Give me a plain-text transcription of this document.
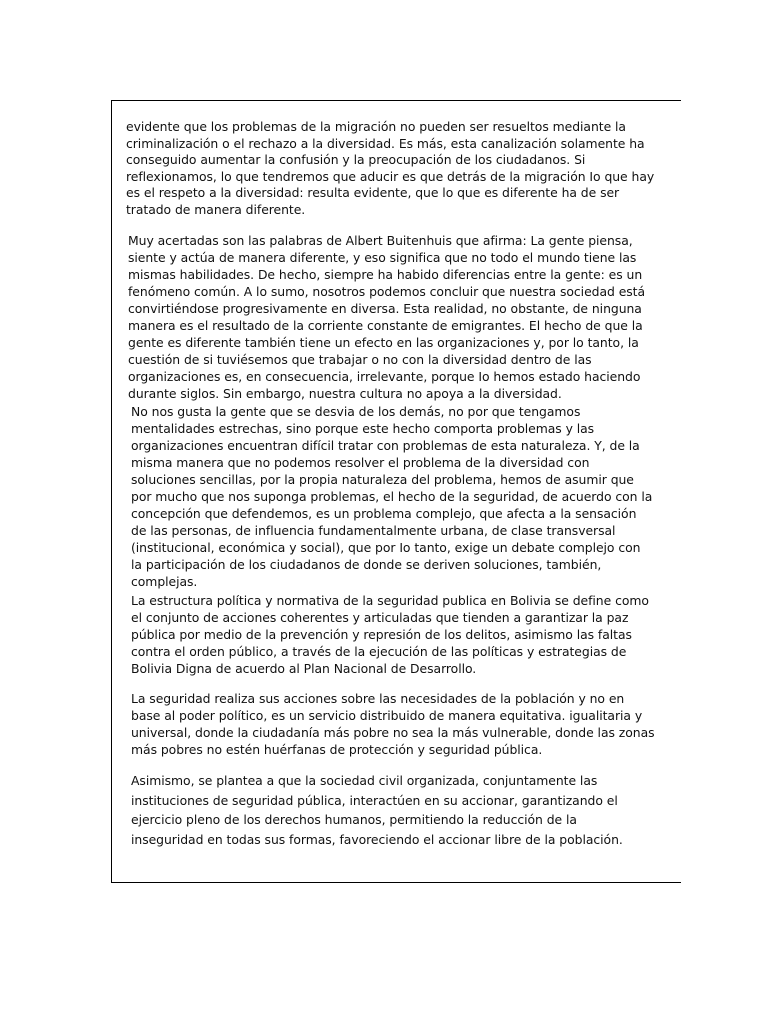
evidente que los problemas de la migración no pueden ser resueltos mediante la criminalización o el rechazo a la diversidad. Es más, esta canalización solamente ha conseguido aumentar la confusión y la preocupación de los ciudadanos. Si reflexionamos, lo que tendremos que aducir es que detrás de la migración Io que hay es el respeto a la diversidad: resulta evidente, que lo que es diferente ha de ser tratado de manera diferente.

Muy acertadas son las palabras de Albert Buitenhuis que afirma: La gente piensa, siente y actúa de manera diferente, y eso significa que no todo el mundo tiene las mismas habilidades. De hecho, siempre ha habido diferencias entre la gente: es un fenómeno común. A lo sumo, nosotros podemos concluir que nuestra sociedad está convirtiéndose progresivamente en diversa. Esta realidad, no obstante, de ninguna manera es el resultado de la corriente constante de emigrantes. El hecho de que la gente es diferente también tiene un efecto en las organizaciones y, por lo tanto, la cuestión de si tuviésemos que trabajar o no con la diversidad dentro de las organizaciones es, en consecuencia, irrelevante, porque Io hemos estado haciendo durante siglos. Sin embargo, nuestra cultura no apoya a la diversidad.

No nos gusta la gente que se desvia de los demás, no por que tengamos mentalidades estrechas, sino porque este hecho comporta problemas y las organizaciones encuentran difícil tratar con problemas de esta naturaleza. Y, de la misma manera que no podemos resolver el problema de la diversidad con soluciones sencillas, por la propia naturaleza del problema, hemos de asumir que por mucho que nos suponga problemas, el hecho de la seguridad, de acuerdo con la concepción que defendemos, es un problema complejo, que afecta a la sensación de las personas, de influencia fundamentalmente urbana, de clase transversal (institucional, económica y social), que por Io tanto, exige un debate complejo con la participación de los ciudadanos de donde se deriven soluciones, también, complejas.

La estructura política y normativa de la seguridad publica en Bolivia se define como el conjunto de acciones coherentes y articuladas que tienden a garantizar la paz pública por medio de la prevención y represión de los delitos, asimismo las faltas contra el orden público, a través de la ejecución de las políticas y estrategias de Bolivia Digna de acuerdo al Plan Nacional de Desarrollo.

La seguridad realiza sus acciones sobre las necesidades de la población y no en base al poder político, es un servicio distribuido de manera equitativa. igualitaria y universal, donde la ciudadanía más pobre no sea la más vulnerable, donde las zonas más pobres no estén huérfanas de protección y seguridad pública.

Asimismo, se plantea a que la sociedad civil organizada, conjuntamente las instituciones de seguridad pública, interactúen en su accionar, garantizando el ejercicio pleno de los derechos humanos, permitiendo la reducción de la inseguridad en todas sus formas, favoreciendo el accionar libre de la población.
